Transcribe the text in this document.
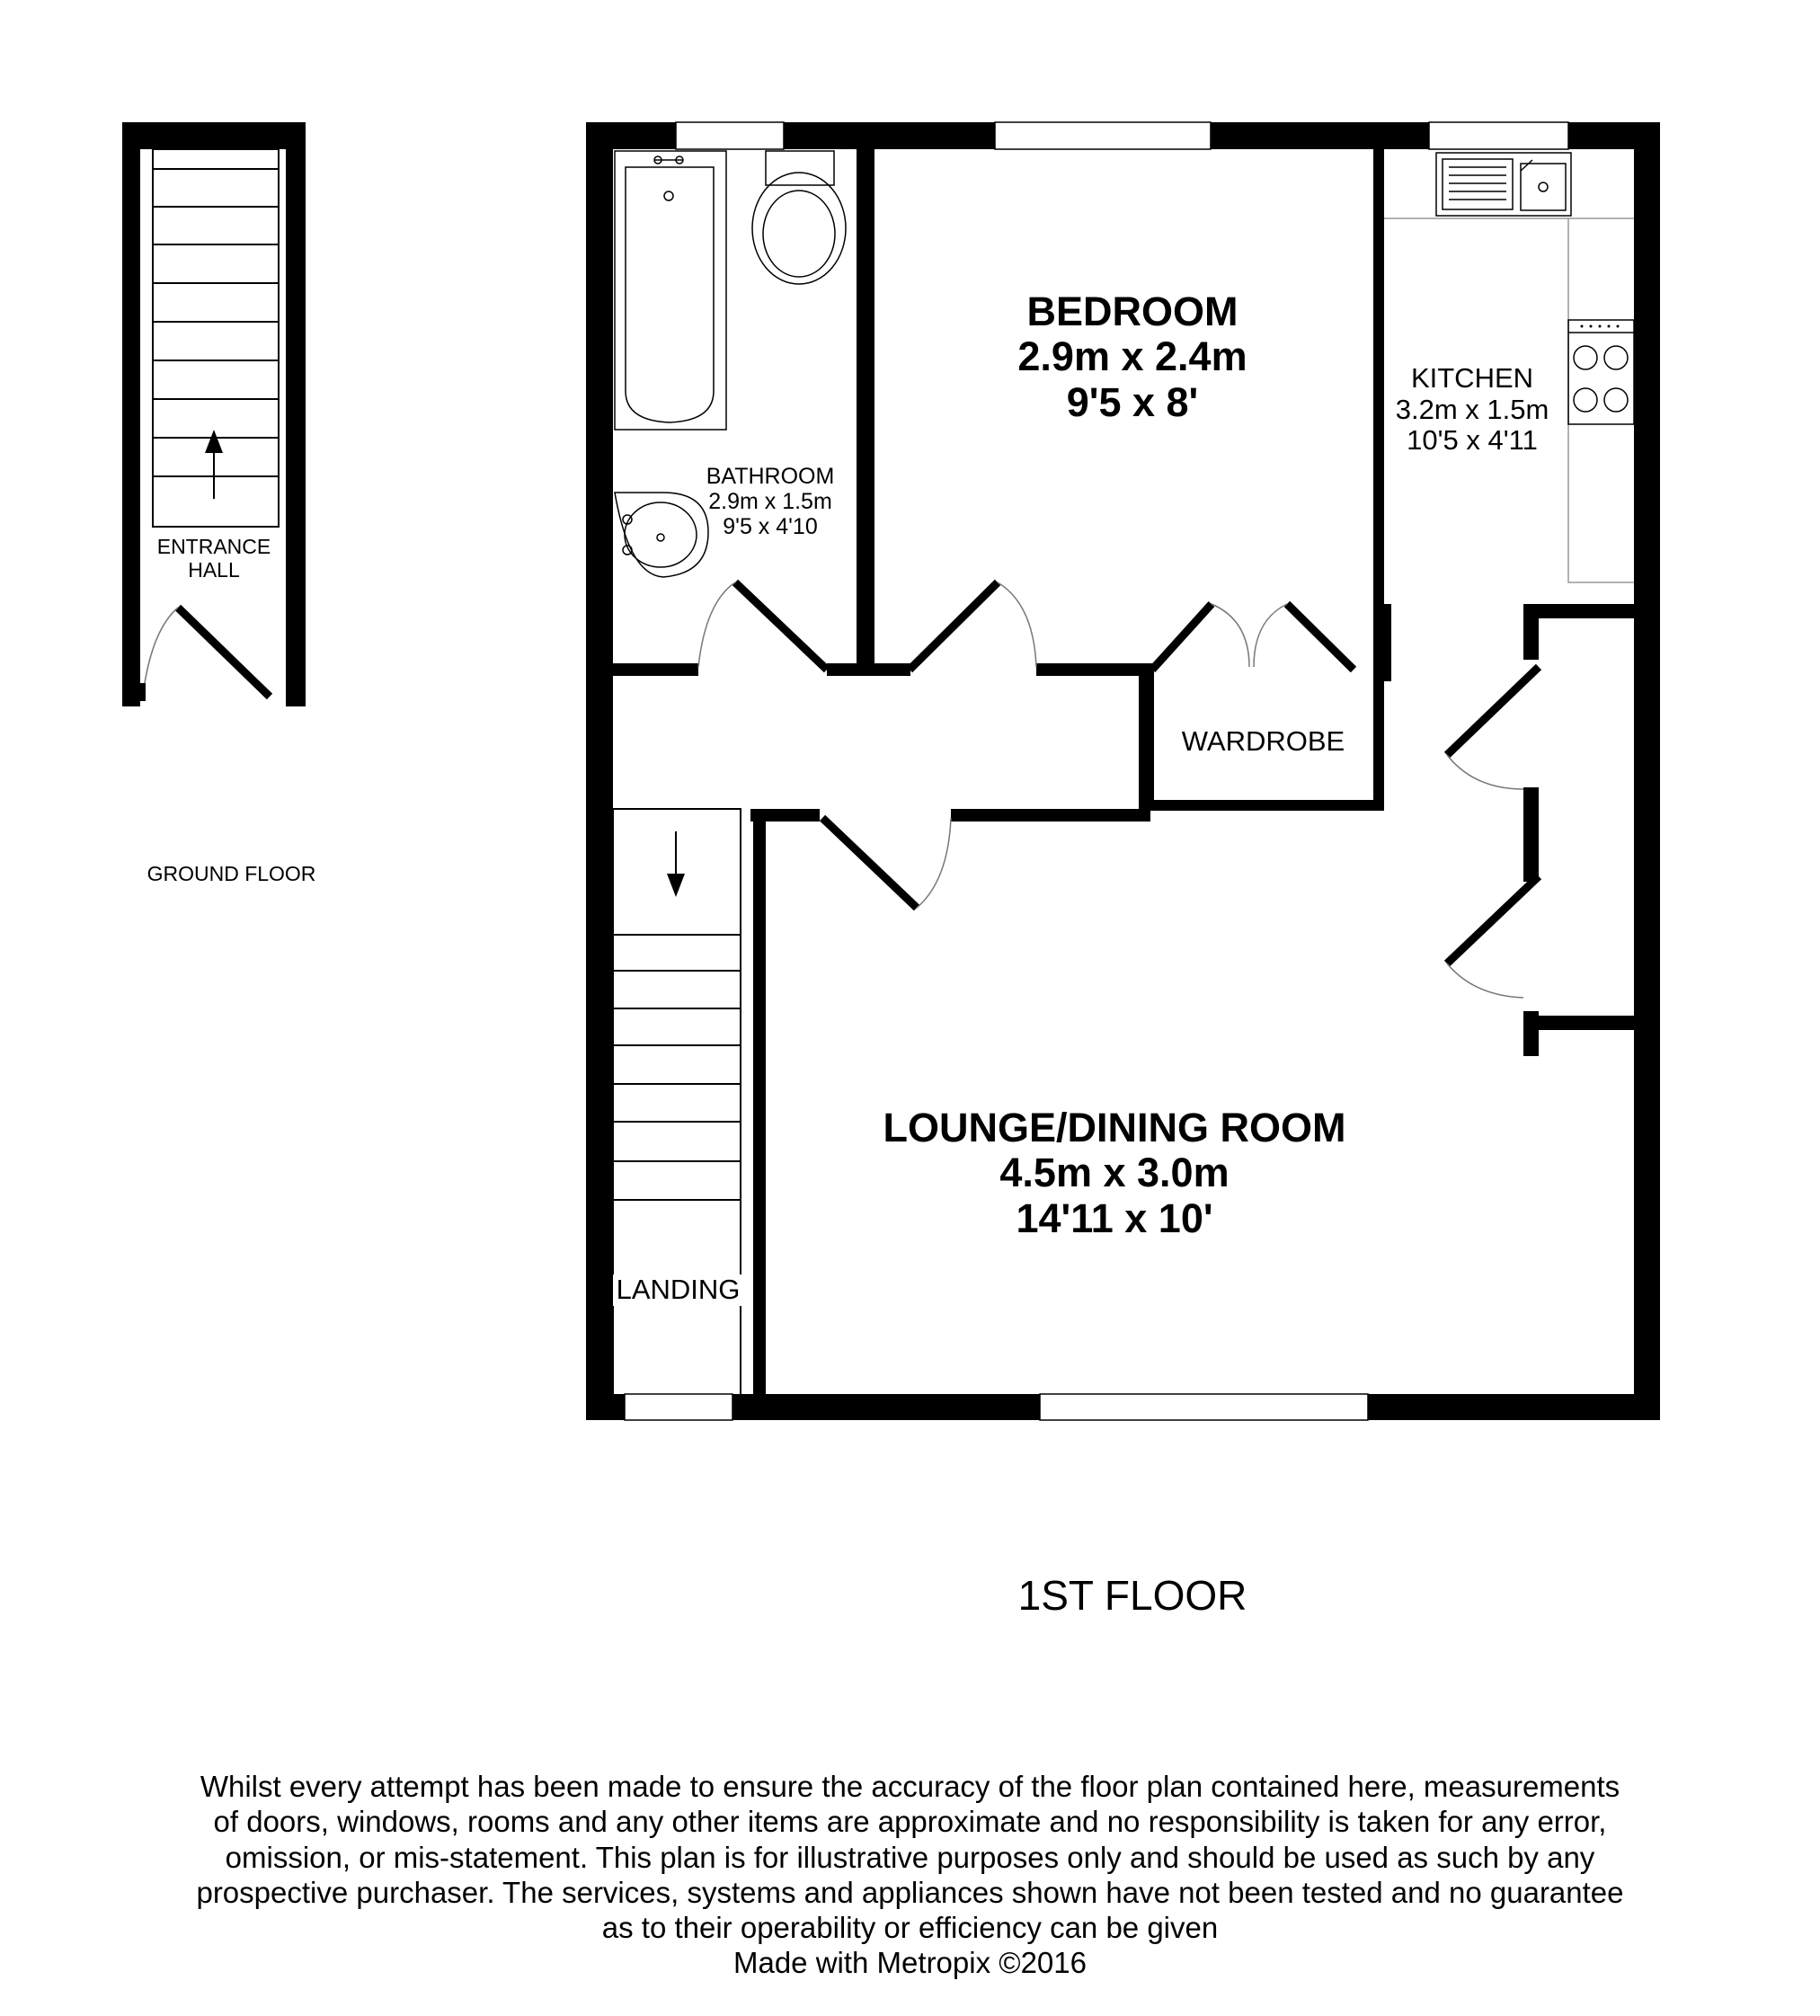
ENTRANCE
HALL
GROUND FLOOR
BEDROOM
2.9m x 2.4m
9'5 x 8'
KITCHEN
3.2m x 1.5m
10'5 x 4'11
BATHROOM
2.9m x 1.5m
9'5 x 4'10
WARDROBE
LOUNGE/DINING ROOM
4.5m x 3.0m
14'11 x 10'
LANDING
1ST FLOOR
Whilst every attempt has been made to ensure the accuracy of the floor plan contained here, measurements
of doors, windows, rooms and any other items are approximate and no responsibility is taken for any error,
omission, or mis-statement. This plan is for illustrative purposes only and should be used as such by any
prospective purchaser. The services, systems and appliances shown have not been tested and no guarantee
as to their operability or efficiency can be given
Made with Metropix ©2016
